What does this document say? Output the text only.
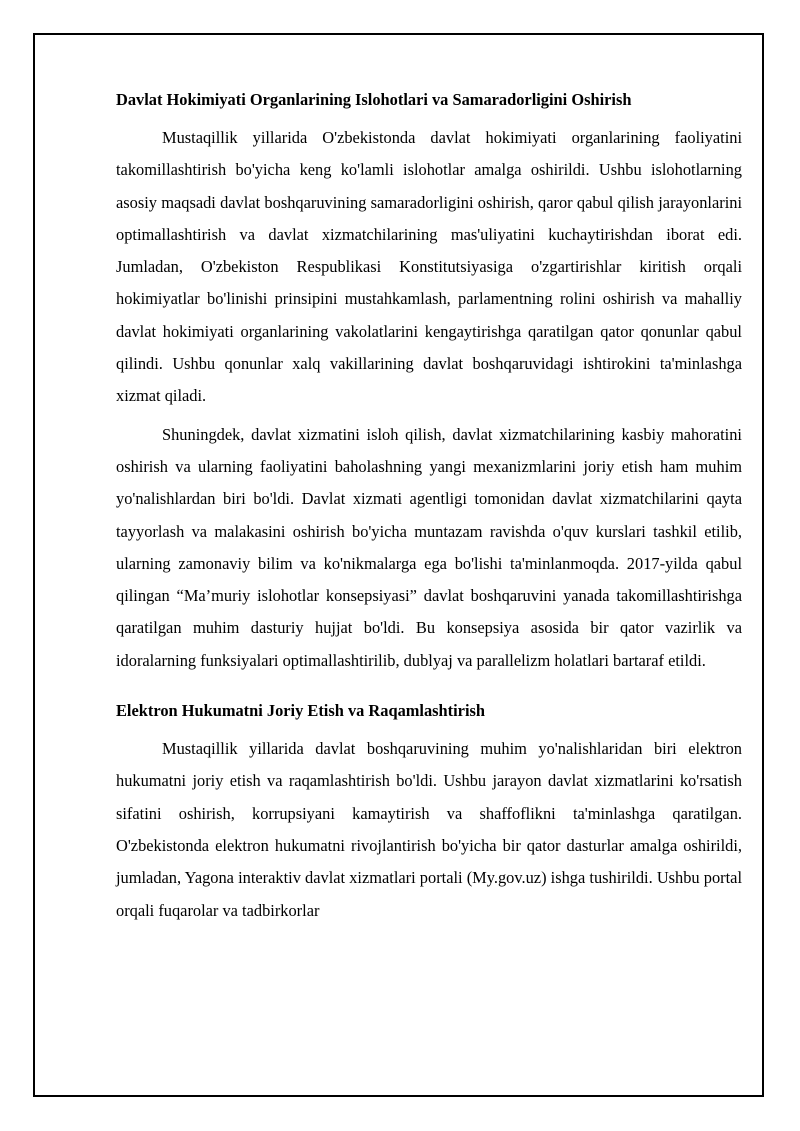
Davlat Hokimiyati Organlarining Islohotlari va Samaradorligini Oshirish

Mustaqillik yillarida O'zbekistonda davlat hokimiyati organlarining faoliyatini takomillashtirish bo'yicha keng ko'lamli islohotlar amalga oshirildi. Ushbu islohotlarning asosiy maqsadi davlat boshqaruvining samaradorligini oshirish, qaror qabul qilish jarayonlarini optimallashtirish va davlat xizmatchilarining mas'uliyatini kuchaytirishdan iborat edi. Jumladan, O'zbekiston Respublikasi Konstitutsiyasiga o'zgartirishlar kiritish orqali hokimiyatlar bo'linishi prinsipini mustahkamlash, parlamentning rolini oshirish va mahalliy davlat hokimiyati organlarining vakolatlarini kengaytirishga qaratilgan qator qonunlar qabul qilindi. Ushbu qonunlar xalq vakillarining davlat boshqaruvidagi ishtirokini ta'minlashga xizmat qiladi.

Shuningdek, davlat xizmatini isloh qilish, davlat xizmatchilarining kasbiy mahoratini oshirish va ularning faoliyatini baholashning yangi mexanizmlarini joriy etish ham muhim yo'nalishlardan biri bo'ldi. Davlat xizmati agentligi tomonidan davlat xizmatchilarini qayta tayyorlash va malakasini oshirish bo'yicha muntazam ravishda o'quv kurslari tashkil etilib, ularning zamonaviy bilim va ko'nikmalarga ega bo'lishi ta'minlanmoqda. 2017-yilda qabul qilingan “Ma’muriy islohotlar konsepsiyasi” davlat boshqaruvini yanada takomillashtirishga qaratilgan muhim dasturiy hujjat bo'ldi. Bu konsepsiya asosida bir qator vazirlik va idoralarning funksiyalari optimallashtirilib, dublyaj va parallelizm holatlari bartaraf etildi.

Elektron Hukumatni Joriy Etish va Raqamlashtirish

Mustaqillik yillarida davlat boshqaruvining muhim yo'nalishlaridan biri elektron hukumatni joriy etish va raqamlashtirish bo'ldi. Ushbu jarayon davlat xizmatlarini ko'rsatish sifatini oshirish, korrupsiyani kamaytirish va shaffoflikni ta'minlashga qaratilgan. O'zbekistonda elektron hukumatni rivojlantirish bo'yicha bir qator dasturlar amalga oshirildi, jumladan, Yagona interaktiv davlat xizmatlari portali (My.gov.uz) ishga tushirildi. Ushbu portal orqali fuqarolar va tadbirkorlar
